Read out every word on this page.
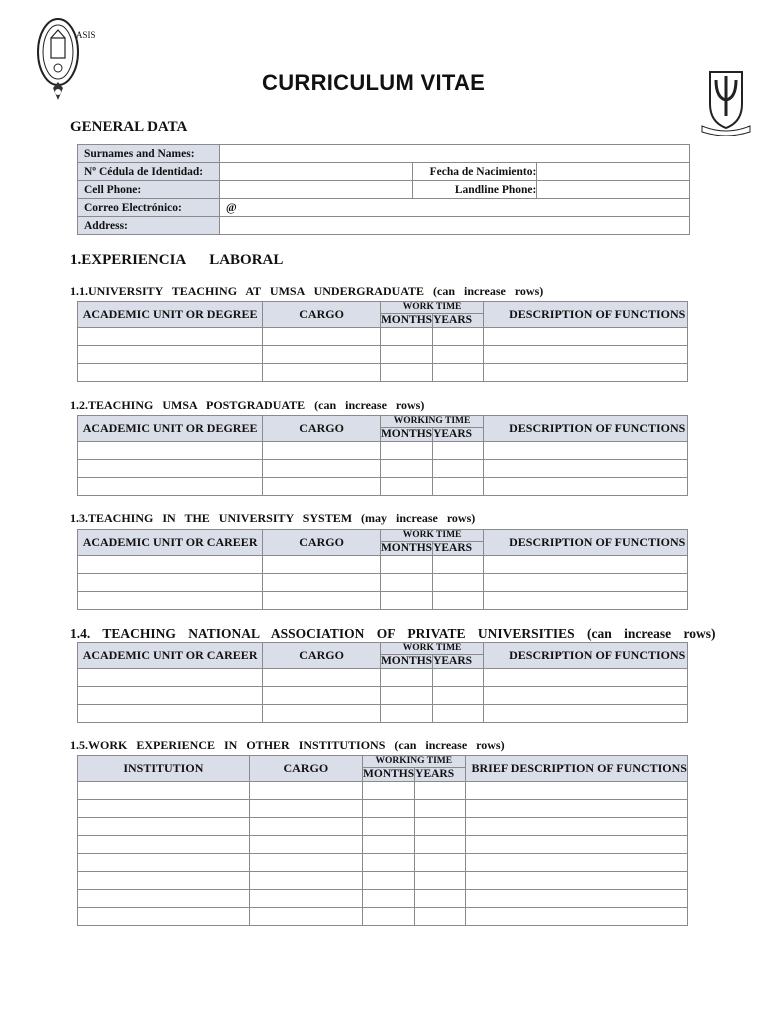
ASIS
CURRICULUM VITAE
GENERAL DATA
Surnames and Names:			
Nº Cédula de Identidad:		Fecha de Nacimiento:	
Cell Phone:		Landline Phone:	
Correo Electrónico:	@		
Address:			
1.EXPERIENCIA LABORAL
1.1.UNIVERSITY TEACHING AT UMSA UNDERGRADUATE (can increase rows)
ACADEMIC UNIT OR DEGREE	CARGO	WORK TIME		DESCRIPTION OF FUNCTIONS
		MONTHS	YEARS	

1.2.TEACHING UMSA POSTGRADUATE (can increase rows)
ACADEMIC UNIT OR DEGREE	CARGO	WORKING TIME		DESCRIPTION OF FUNCTIONS
		MONTHS	YEARS	

1.3.TEACHING IN THE UNIVERSITY SYSTEM (may increase rows)
ACADEMIC UNIT OR CAREER	CARGO	WORK TIME		DESCRIPTION OF FUNCTIONS
		MONTHS	YEARS	

1.4. TEACHING NATIONAL ASSOCIATION OF PRIVATE UNIVERSITIES (can increase rows)
ACADEMIC UNIT OR CAREER	CARGO	WORK TIME		DESCRIPTION OF FUNCTIONS
		MONTHS	YEARS	

1.5.WORK EXPERIENCE IN OTHER INSTITUTIONS (can increase rows)
INSTITUTION	CARGO	WORKING TIME		BRIEF DESCRIPTION OF FUNCTIONS
		MONTHS	YEARS	
